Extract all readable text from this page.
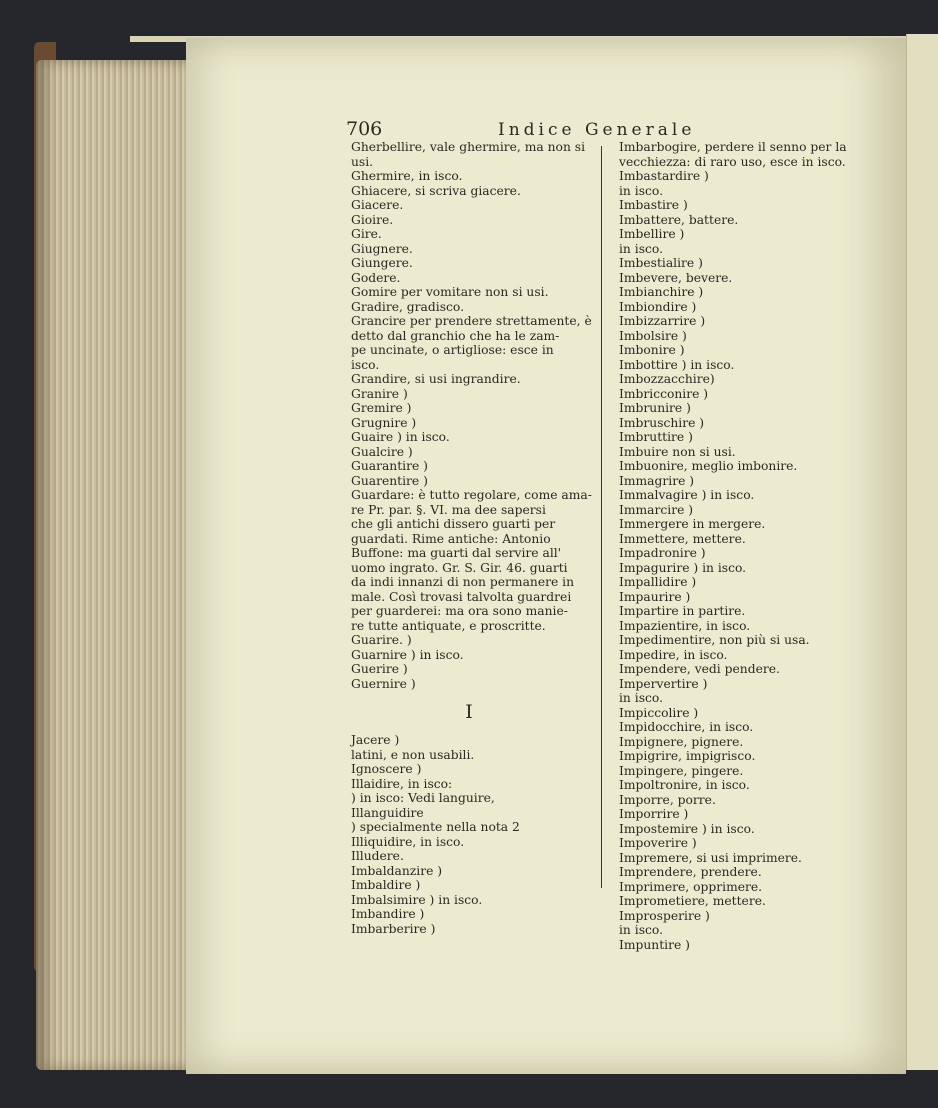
706	Indice Generale
Gherbellire, vale ghermire, ma non si
usi.
Ghermire, in isco.
Ghiacere, si scriva giacere.
Giacere.
Gioire.
Gire.
Giugnere.
Giungere.
Godere.
Gomire per vomitare non si usi.
Gradire, gradisco.
Grancire per prendere strettamente, è
detto dal granchio che ha le zam-
pe uncinate, o artigliose: esce in
isco.
Grandire, si usi ingrandire.
Granire )
Gremire )
Grugnire )
Guaire ) in isco.
Gualcire )
Guarantire )
Guarentire )
Guardare: è tutto regolare, come ama-
re Pr. par. §. VI. ma dee sapersi
che gli antichi dissero guarti per
guardati. Rime antiche: Antonio
Buffone: ma guarti dal servire all'
uomo ingrato. Gr. S. Gir. 46. guarti
da indi innanzi di non permanere in
male. Così trovasi talvolta guardrei
per guarderei: ma ora sono manie-
re tutte antiquate, e proscritte.
Guarire. )
Guarnire ) in isco.
Guerire )
Guernire )
I
Jacere )
latini, e non usabili.
Ignoscere )
Illaidire, in isco:
) in isco: Vedi languire,
Illanguidire
) specialmente nella nota 2
Illiquidire, in isco.
Illudere.
Imbaldanzire )
Imbaldire )
Imbalsimire ) in isco.
Imbandire )
Imbarberire )
Imbarbogire, perdere il senno per la
vecchiezza: di raro uso, esce in isco.
Imbastardire )
in isco.
Imbastire )
Imbattere, battere.
Imbellire )
in isco.
Imbestialire )
Imbevere, bevere.
Imbianchire )
Imbiondire )
Imbizzarrire )
Imbolsire )
Imbonire )
Imbottire ) in isco.
Imbozzacchire)
Imbricconire )
Imbrunire )
Imbruschire )
Imbruttire )
Imbuire non si usi.
Imbuonire, meglio imbonire.
Immagrire )
Immalvagire ) in isco.
Immarcire )
Immergere in mergere.
Immettere, mettere.
Impadronire )
Impagurire ) in isco.
Impallidire )
Impaurire )
Impartire in partire.
Impazientire, in isco.
Impedimentire, non più si usa.
Impedire, in isco.
Impendere, vedi pendere.
Impervertire )
in isco.
Impiccolire )
Impidocchire, in isco.
Impignere, pignere.
Impigrire, impigrisco.
Impingere, pingere.
Impoltronire, in isco.
Imporre, porre.
Imporrire )
Impostemire ) in isco.
Impoverire )
Impremere, si usi imprimere.
Imprendere, prendere.
Imprimere, opprimere.
Imprometiere, mettere.
Improsperire )
in isco.
Impuntire )
